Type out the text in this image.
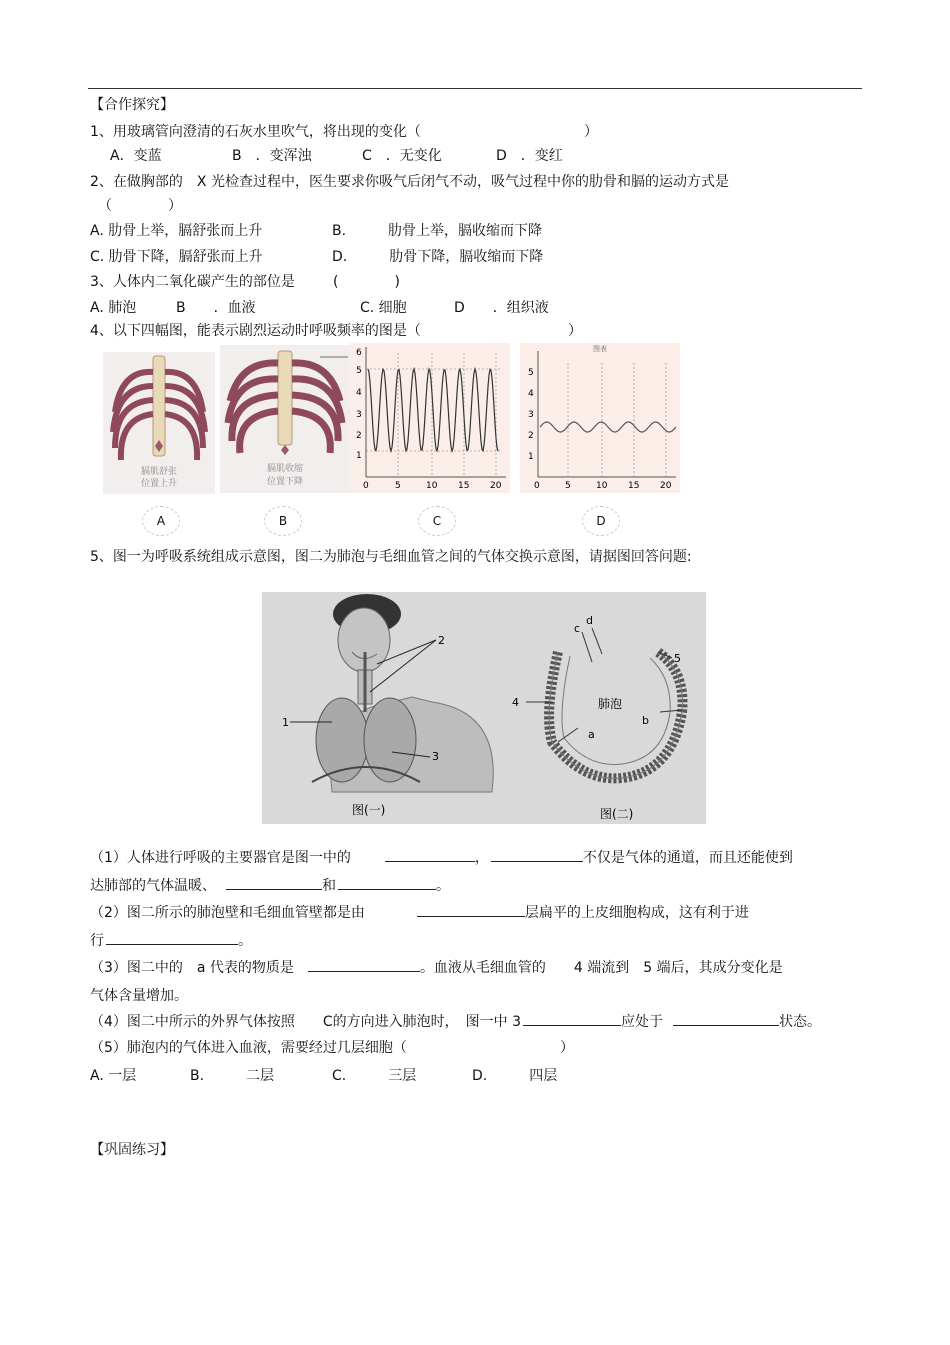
【合作探究】
1、用玻璃管向澄清的石灰水里吹气，将出现的变化（	）
A．变蓝	B　．变浑浊	C　．无变化	D　．变红
2、在做胸部的　X 光检查过程中，医生要求你吸气后闭气不动，吸气过程中你的肋骨和膈的运动方式是
（　　　　）
A. 肋骨上举，膈舒张而上升	B.　　　肋骨上举，膈收缩而下降
C. 肋骨下降，膈舒张而上升	D.　　　肋骨下降，膈收缩而下降
3、人体内二氧化碳产生的部位是	(　　　　)
A. 肺泡	B　　．血液	C. 细胞	D　　．组织液
4、以下四幅图，能表示剧烈运动时呼吸频率的图是（	）
膈肌舒张
位置上升
膈肌收缩
位置下降
6
5
4
3
2
1
0	5	10 15 20
图表
5
4
3
2
1
0	5	10 15 20
A	B	C	D
5、图一为呼吸系统组成示意图，图二为肺泡与毛细血管之间的气体交换示意图，请据图回答问题:
2
1
3
图(一)
c
d
4
5
a
b
肺泡
图(二)
（1）人体进行呼吸的主要器官是图一中的	，	不仅是气体的通道，而且还能使到
达肺部的气体温暖、	和	。
（2）图二所示的肺泡壁和毛细血管壁都是由	层扁平的上皮细胞构成，这有利于进
行	。
（3）图二中的　a 代表的物质是	。血液从毛细血管的　　4 端流到　5 端后，其成分变化是
气体含量增加。
（4）图二中所示的外界气体按照　　C的方向进入肺泡时，　图一中 3	应处于	状态。
（5）肺泡内的气体进入血液，需要经过几层细胞（	）
A. 一层	B.　　　二层	C.　　　三层	D.　　　四层
【巩固练习】
